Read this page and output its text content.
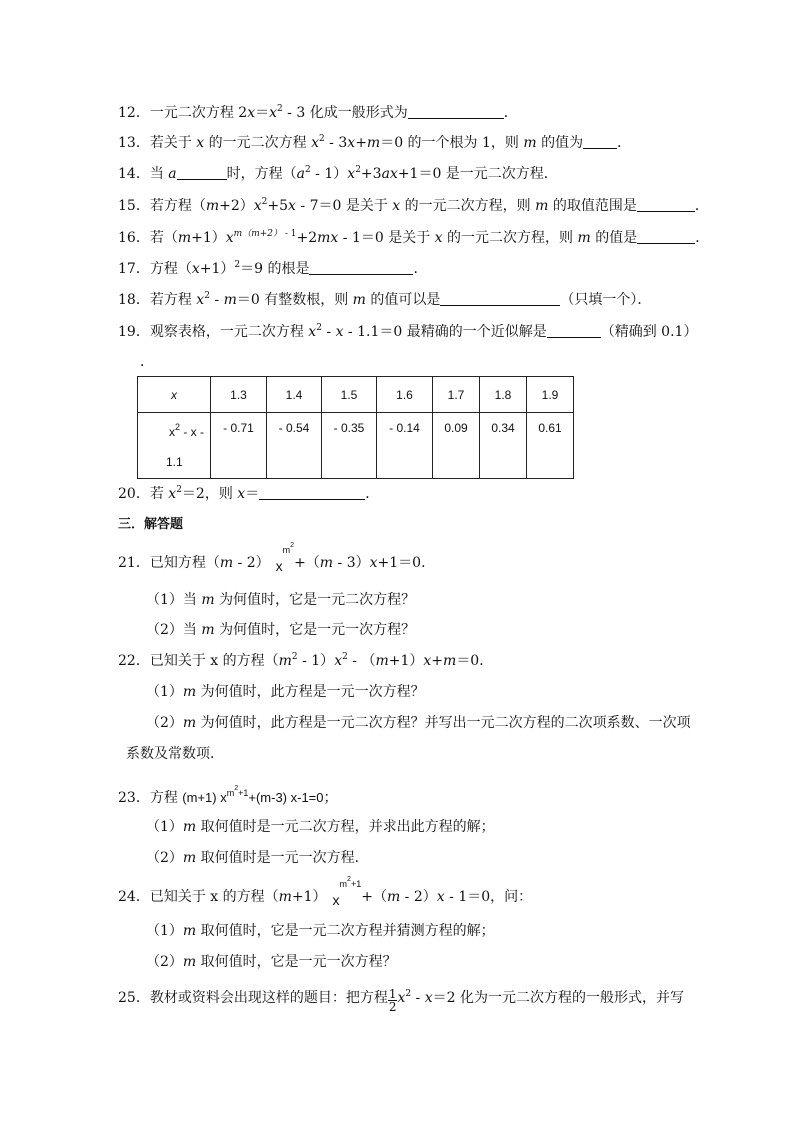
12．一元二次方程 $2x=x^2 - 3$ 化成一般形式为	．
13．若关于 x 的一元二次方程 $x^2 - 3x+m=0$ 的一个根为 1，则 m 的值为 ．
14．当 a	时，方程$(a^2 - 1)x^2+3ax+1=0$ 是一元二次方程．
15．若方程$(m+2)x^2+5x - 7=0$ 是关于 x 的一元二次方程，则 m 的取值范围是	．
16．若$(m+1)x^{m(m+2) - 1}+2mx - 1=0$ 是关于 x 的一元二次方程，则 m 的值是	．
17．方程$(x+1)^2=9$ 的根是	．
18．若方程 $x^2 - m=0$ 有整数根，则 m 的值可以是	（只填一个）．
19．观察表格，一元二次方程 $x^2 - x - 1.1=0$ 最精确的一个近似解是	（精确到 0.1）
．
x	1.3	1.4	1.5	1.6	1.7	1.8	1.9

$x^2$ - x -
1.1	- 0.71	- 0.54	- 0.35	- 0.14	0.09	0.34	0.61
20．若 $x^2=2$，则 x＝	．
三．解答题
21．已知方程（m - 2） $x^{m^2}+(m - 3)x+1=0$．
（1）当 m 为何值时，它是一元二次方程？
（2）当 m 为何值时，它是一元一次方程？
22．已知关于 x 的方程$(m^2 - 1)x^2 - (m+1)x+m=0$．
（1）m 为何值时，此方程是一元一次方程？
（2）m 为何值时，此方程是一元二次方程？并写出一元二次方程的二次项系数、一次项
系数及常数项．
23．方程 (m+1) $x^{m^2+1}+(m-3)$ x-1=0；
（1）m 取何值时是一元二次方程，并求出此方程的解；
（2）m 取何值时是一元一次方程．
24．已知关于 x 的方程（m+1） $x^{m^2+1}+(m - 2)x - 1=0$，问：
（1）m 取何值时，它是一元二次方程并猜测方程的解；
（2）m 取何值时，它是一元一次方程？
25．教材或资料会出现这样的题目：把方程 $\frac{1}{2} x^2 - x=2$ 化为一元二次方程的一般形式，并写
